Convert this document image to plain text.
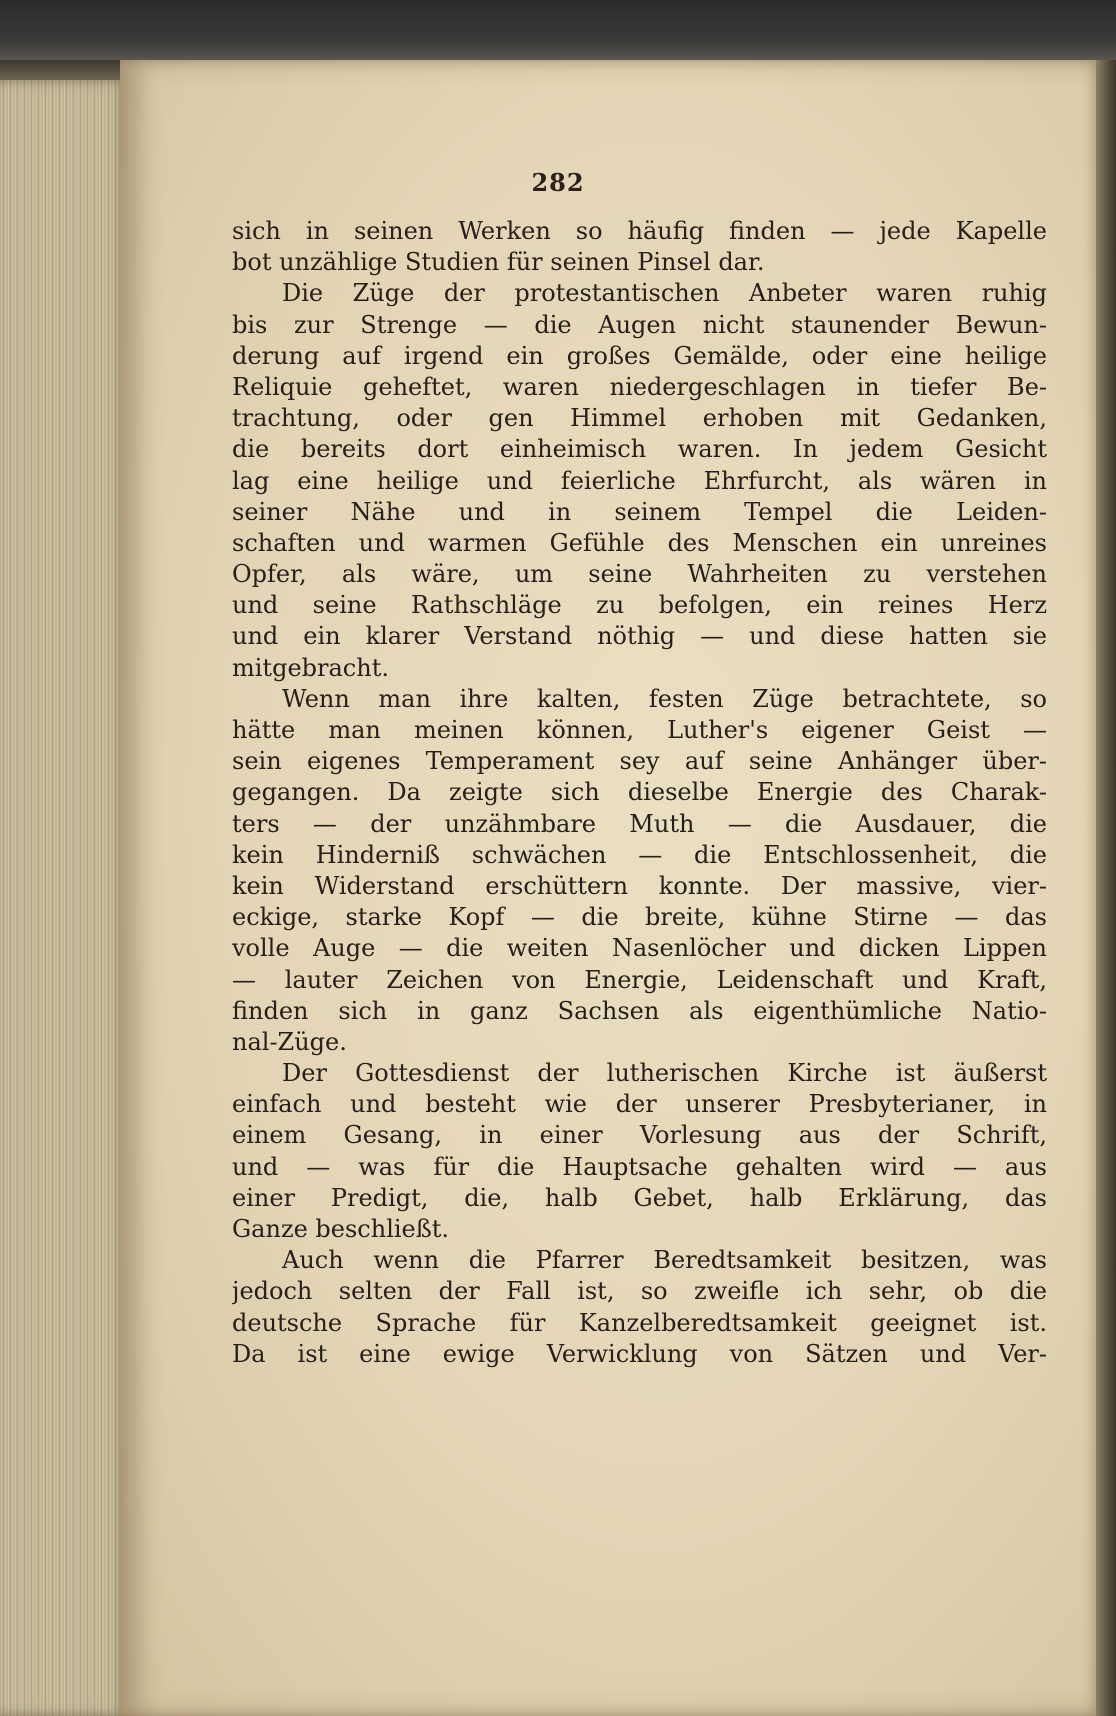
282
sich in seinen Werken so häufig finden — jede Kapelle
bot unzählige Studien für seinen Pinsel dar.
Die Züge der protestantischen Anbeter waren ruhig
bis zur Strenge — die Augen nicht staunender Bewun-
derung auf irgend ein großes Gemälde, oder eine heilige
Reliquie geheftet, waren niedergeschlagen in tiefer Be-
trachtung, oder gen Himmel erhoben mit Gedanken,
die bereits dort einheimisch waren. In jedem Gesicht
lag eine heilige und feierliche Ehrfurcht, als wären in
seiner Nähe und in seinem Tempel die Leiden-
schaften und warmen Gefühle des Menschen ein unreines
Opfer, als wäre, um seine Wahrheiten zu verstehen
und seine Rathschläge zu befolgen, ein reines Herz
und ein klarer Verstand nöthig — und diese hatten sie
mitgebracht.
Wenn man ihre kalten, festen Züge betrachtete, so
hätte man meinen können, Luther's eigener Geist —
sein eigenes Temperament sey auf seine Anhänger über-
gegangen. Da zeigte sich dieselbe Energie des Charak-
ters — der unzähmbare Muth — die Ausdauer, die
kein Hinderniß schwächen — die Entschlossenheit, die
kein Widerstand erschüttern konnte. Der massive, vier-
eckige, starke Kopf — die breite, kühne Stirne — das
volle Auge — die weiten Nasenlöcher und dicken Lippen
— lauter Zeichen von Energie, Leidenschaft und Kraft,
finden sich in ganz Sachsen als eigenthümliche Natio-
nal-Züge.
Der Gottesdienst der lutherischen Kirche ist äußerst
einfach und besteht wie der unserer Presbyterianer, in
einem Gesang, in einer Vorlesung aus der Schrift,
und — was für die Hauptsache gehalten wird — aus
einer Predigt, die, halb Gebet, halb Erklärung, das
Ganze beschließt.
Auch wenn die Pfarrer Beredtsamkeit besitzen, was
jedoch selten der Fall ist, so zweifle ich sehr, ob die
deutsche Sprache für Kanzelberedtsamkeit geeignet ist.
Da ist eine ewige Verwicklung von Sätzen und Ver-
